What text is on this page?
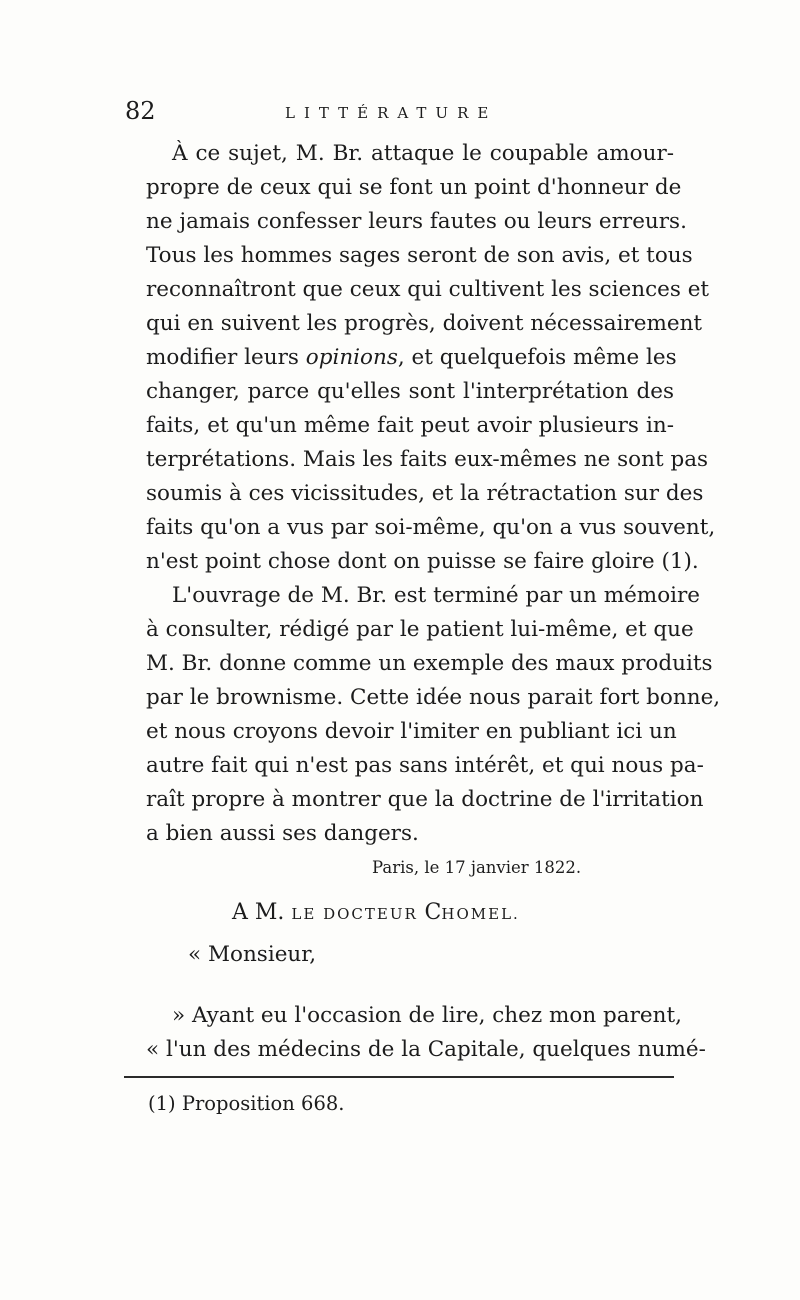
82	LITTÉRATURE
À ce sujet, M. Br. attaque le coupable amour-
propre de ceux qui se font un point d'honneur de
ne jamais confesser leurs fautes ou leurs erreurs.
Tous les hommes sages seront de son avis, et tous
reconnaîtront que ceux qui cultivent les sciences et
qui en suivent les progrès, doivent nécessairement
modifier leurs opinions, et quelquefois même les
changer, parce qu'elles sont l'interprétation des
faits, et qu'un même fait peut avoir plusieurs in-
terprétations. Mais les faits eux-mêmes ne sont pas
soumis à ces vicissitudes, et la rétractation sur des
faits qu'on a vus par soi-même, qu'on a vus souvent,
n'est point chose dont on puisse se faire gloire (1).
L'ouvrage de M. Br. est terminé par un mémoire
à consulter, rédigé par le patient lui-même, et que
M. Br. donne comme un exemple des maux produits
par le brownisme. Cette idée nous parait fort bonne,
et nous croyons devoir l'imiter en publiant ici un
autre fait qui n'est pas sans intérêt, et qui nous pa-
raît propre à montrer que la doctrine de l'irritation
a bien aussi ses dangers.
Paris, le 17 janvier 1822.
A M. LE DOCTEUR CHOMEL.
« Monsieur,
» Ayant eu l'occasion de lire, chez mon parent,
« l'un des médecins de la Capitale, quelques numé-
(1) Proposition 668.
